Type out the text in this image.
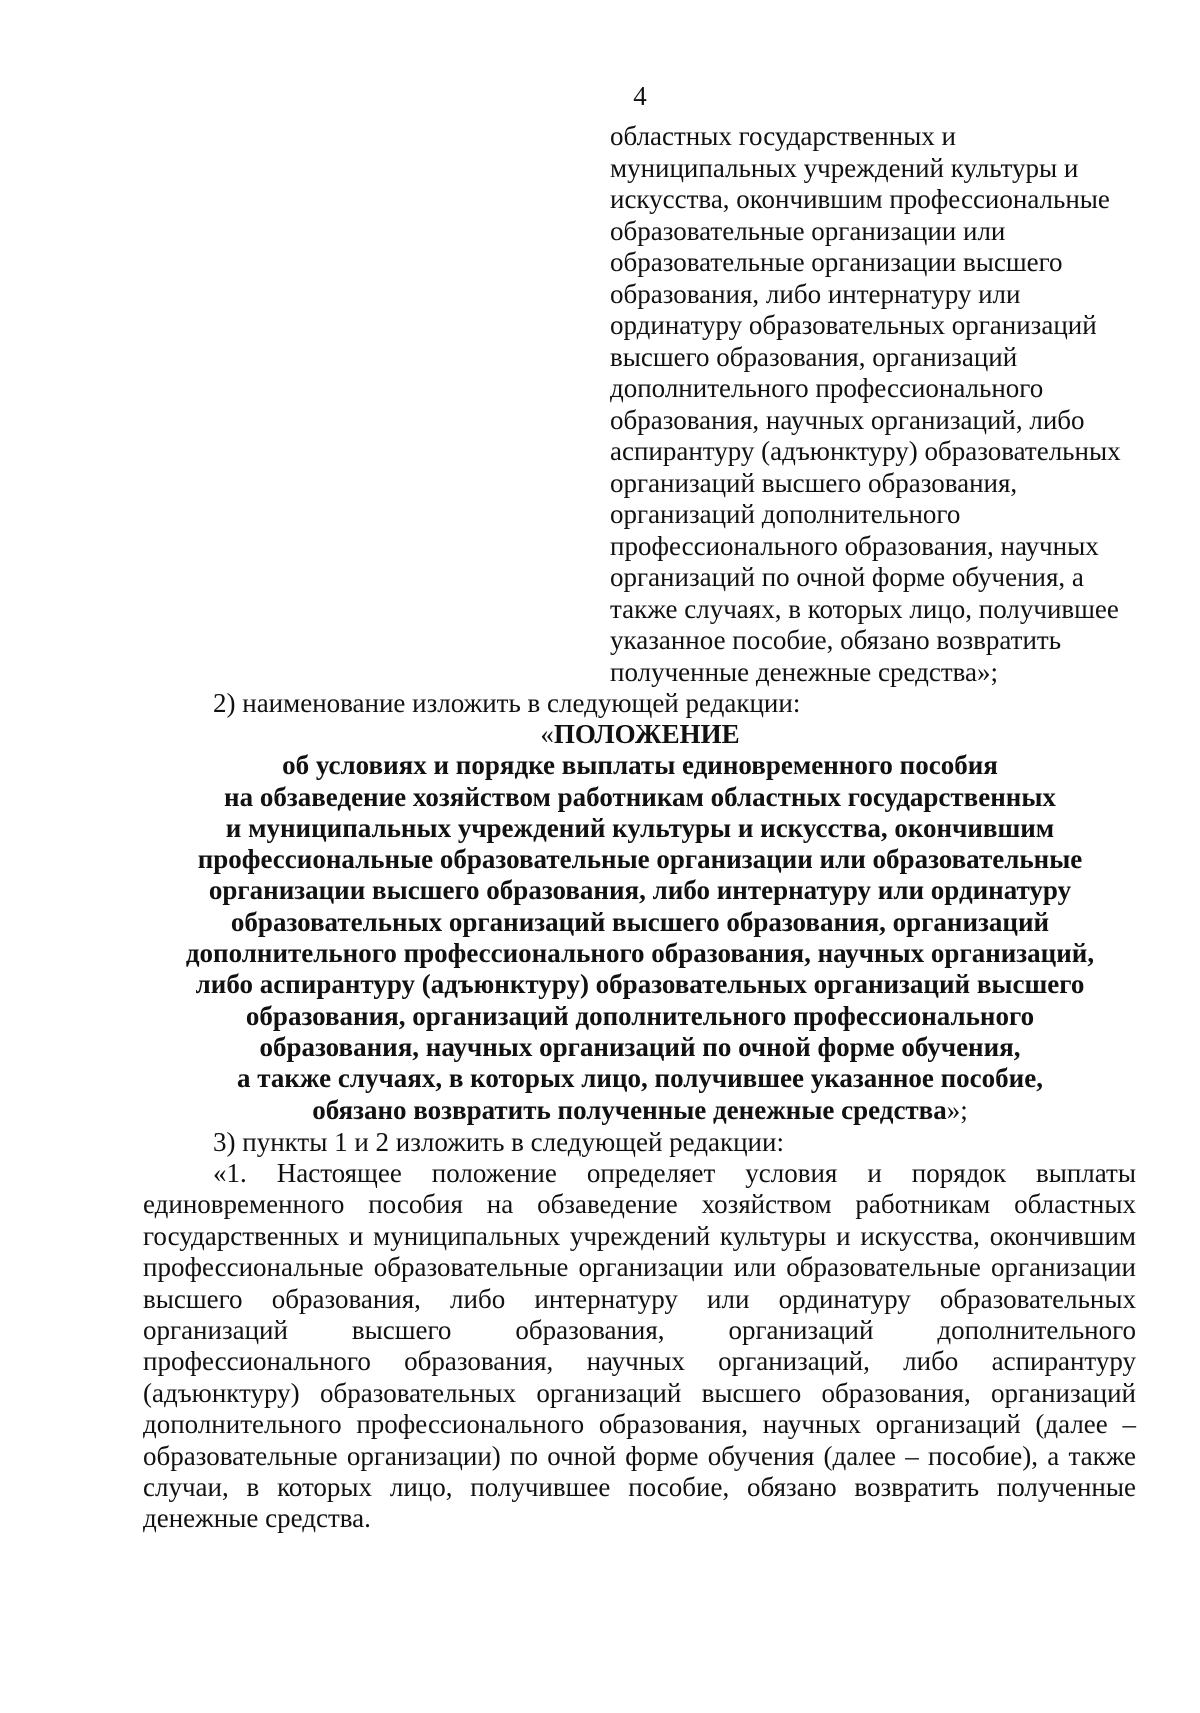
4
областных государственных и
муниципальных учреждений культуры и
искусства, окончившим профессиональные
образовательные организации или
образовательные организации высшего
образования, либо интернатуру или
ординатуру образовательных организаций
высшего образования, организаций
дополнительного профессионального
образования, научных организаций, либо
аспирантуру (адъюнктуру) образовательных
организаций высшего образования,
организаций дополнительного
профессионального образования, научных
организаций по очной форме обучения, а
также случаях, в которых лицо, получившее
указанное пособие, обязано возвратить
полученные денежные средства»;
2) наименование изложить в следующей редакции:
«ПОЛОЖЕНИЕ
об условиях и порядке выплаты единовременного пособия
на обзаведение хозяйством работникам областных государственных
и муниципальных учреждений культуры и искусства, окончившим
профессиональные образовательные организации или образовательные
организации высшего образования, либо интернатуру или ординатуру
образовательных организаций высшего образования, организаций
дополнительного профессионального образования, научных организаций,
либо аспирантуру (адъюнктуру) образовательных организаций высшего
образования, организаций дополнительного профессионального
образования, научных организаций по очной форме обучения,
а также случаях, в которых лицо, получившее указанное пособие,
обязано возвратить полученные денежные средства»;
3) пункты 1 и 2 изложить в следующей редакции:
«1. Настоящее положение определяет условия и порядок выплаты
единовременного пособия на обзаведение хозяйством работникам областных
государственных и муниципальных учреждений культуры и искусства, окончившим
профессиональные образовательные организации или образовательные организации
высшего образования, либо интернатуру или ординатуру образовательных
организаций высшего образования, организаций дополнительного
профессионального образования, научных организаций, либо аспирантуру
(адъюнктуру) образовательных организаций высшего образования, организаций
дополнительного профессионального образования, научных организаций (далее –
образовательные организации) по очной форме обучения (далее – пособие), а также
случаи, в которых лицо, получившее пособие, обязано возвратить полученные
денежные средства.
